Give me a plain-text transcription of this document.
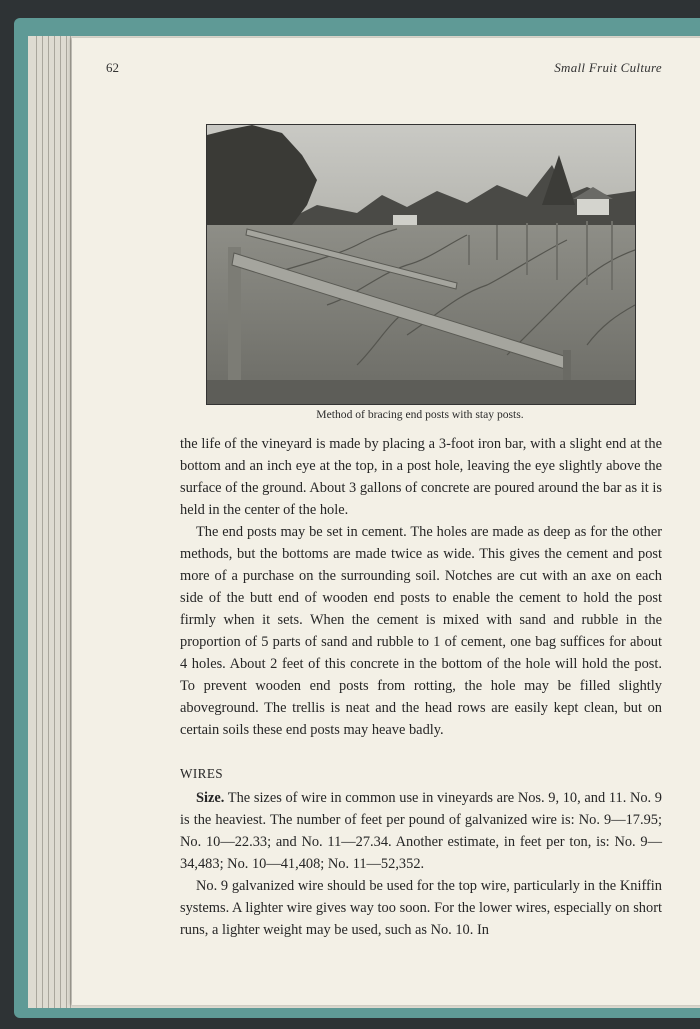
62	Small Fruit Culture
Method of bracing end posts with stay posts.

the life of the vineyard is made by placing a 3-foot iron bar, with a slight end at the bottom and an inch eye at the top, in a post hole, leaving the eye slightly above the surface of the ground. About 3 gallons of concrete are poured around the bar as it is held in the center of the hole.

The end posts may be set in cement. The holes are made as deep as for the other methods, but the bottoms are made twice as wide. This gives the cement and post more of a purchase on the surrounding soil. Notches are cut with an axe on each side of the butt end of wooden end posts to enable the cement to hold the post firmly when it sets. When the cement is mixed with sand and rubble in the proportion of 5 parts of sand and rubble to 1 of cement, one bag suffices for about 4 holes. About 2 feet of this concrete in the bottom of the hole will hold the post. To prevent wooden end posts from rotting, the hole may be filled slightly aboveground. The trellis is neat and the head rows are easily kept clean, but on certain soils these end posts may heave badly.

WIRES

Size. The sizes of wire in common use in vineyards are Nos. 9, 10, and 11. No. 9 is the heaviest. The number of feet per pound of galvanized wire is: No. 9—17.95; No. 10—22.33; and No. 11—27.34. Another estimate, in feet per ton, is: No. 9—34,483; No. 10—41,408; No. 11—52,352.

No. 9 galvanized wire should be used for the top wire, particularly in the Kniffin systems. A lighter wire gives way too soon. For the lower wires, especially on short runs, a lighter weight may be used, such as No. 10. In
